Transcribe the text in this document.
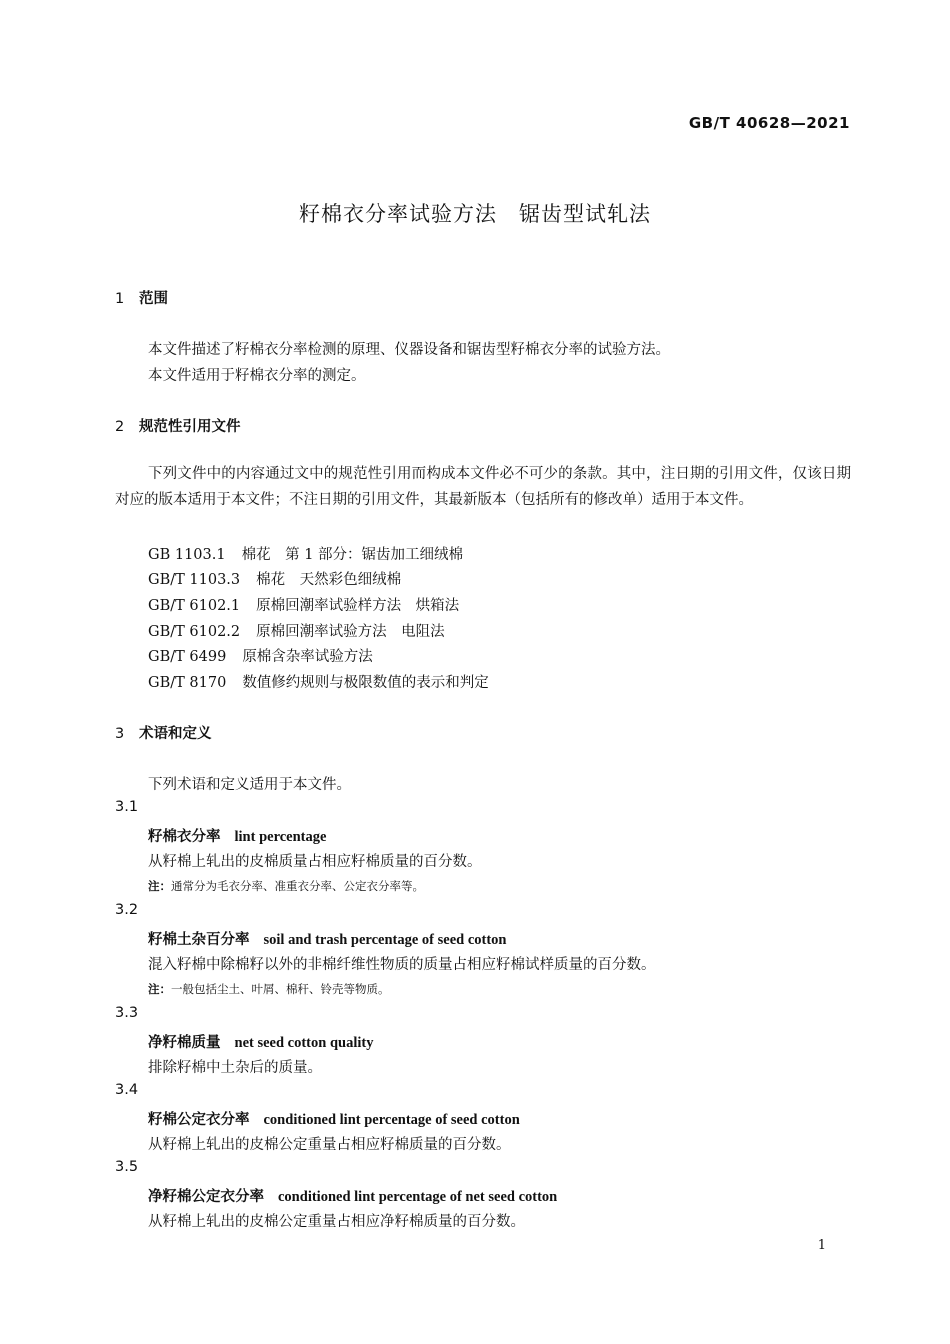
GB/T 40628—2021
籽棉衣分率试验方法　锯齿型试轧法
1 范围
本文件描述了籽棉衣分率检测的原理、仪器设备和锯齿型籽棉衣分率的试验方法。
本文件适用于籽棉衣分率的测定。
2 规范性引用文件

下列文件中的内容通过文中的规范性引用而构成本文件必不可少的条款。其中，注日期的引用文件，仅该日期对应的版本适用于本文件；不注日期的引用文件，其最新版本（包括所有的修改单）适用于本文件。

GB 1103.1 棉花　第 1 部分：锯齿加工细绒棉
GB/T 1103.3 棉花　天然彩色细绒棉
GB/T 6102.1 原棉回潮率试验样方法　烘箱法
GB/T 6102.2 原棉回潮率试验方法　电阻法
GB/T 6499 原棉含杂率试验方法
GB/T 8170 数值修约规则与极限数值的表示和判定
3 术语和定义
下列术语和定义适用于本文件。
3.1
籽棉衣分率 lint percentage
从籽棉上轧出的皮棉质量占相应籽棉质量的百分数。
注：通常分为毛衣分率、准重衣分率、公定衣分率等。
3.2
籽棉土杂百分率 soil and trash percentage of seed cotton
混入籽棉中除棉籽以外的非棉纤维性物质的质量占相应籽棉试样质量的百分数。
注：一般包括尘土、叶屑、棉秆、铃壳等物质。
3.3
净籽棉质量 net seed cotton quality
排除籽棉中土杂后的质量。
3.4
籽棉公定衣分率 conditioned lint percentage of seed cotton
从籽棉上轧出的皮棉公定重量占相应籽棉质量的百分数。
3.5
净籽棉公定衣分率 conditioned lint percentage of net seed cotton
从籽棉上轧出的皮棉公定重量占相应净籽棉质量的百分数。
1
